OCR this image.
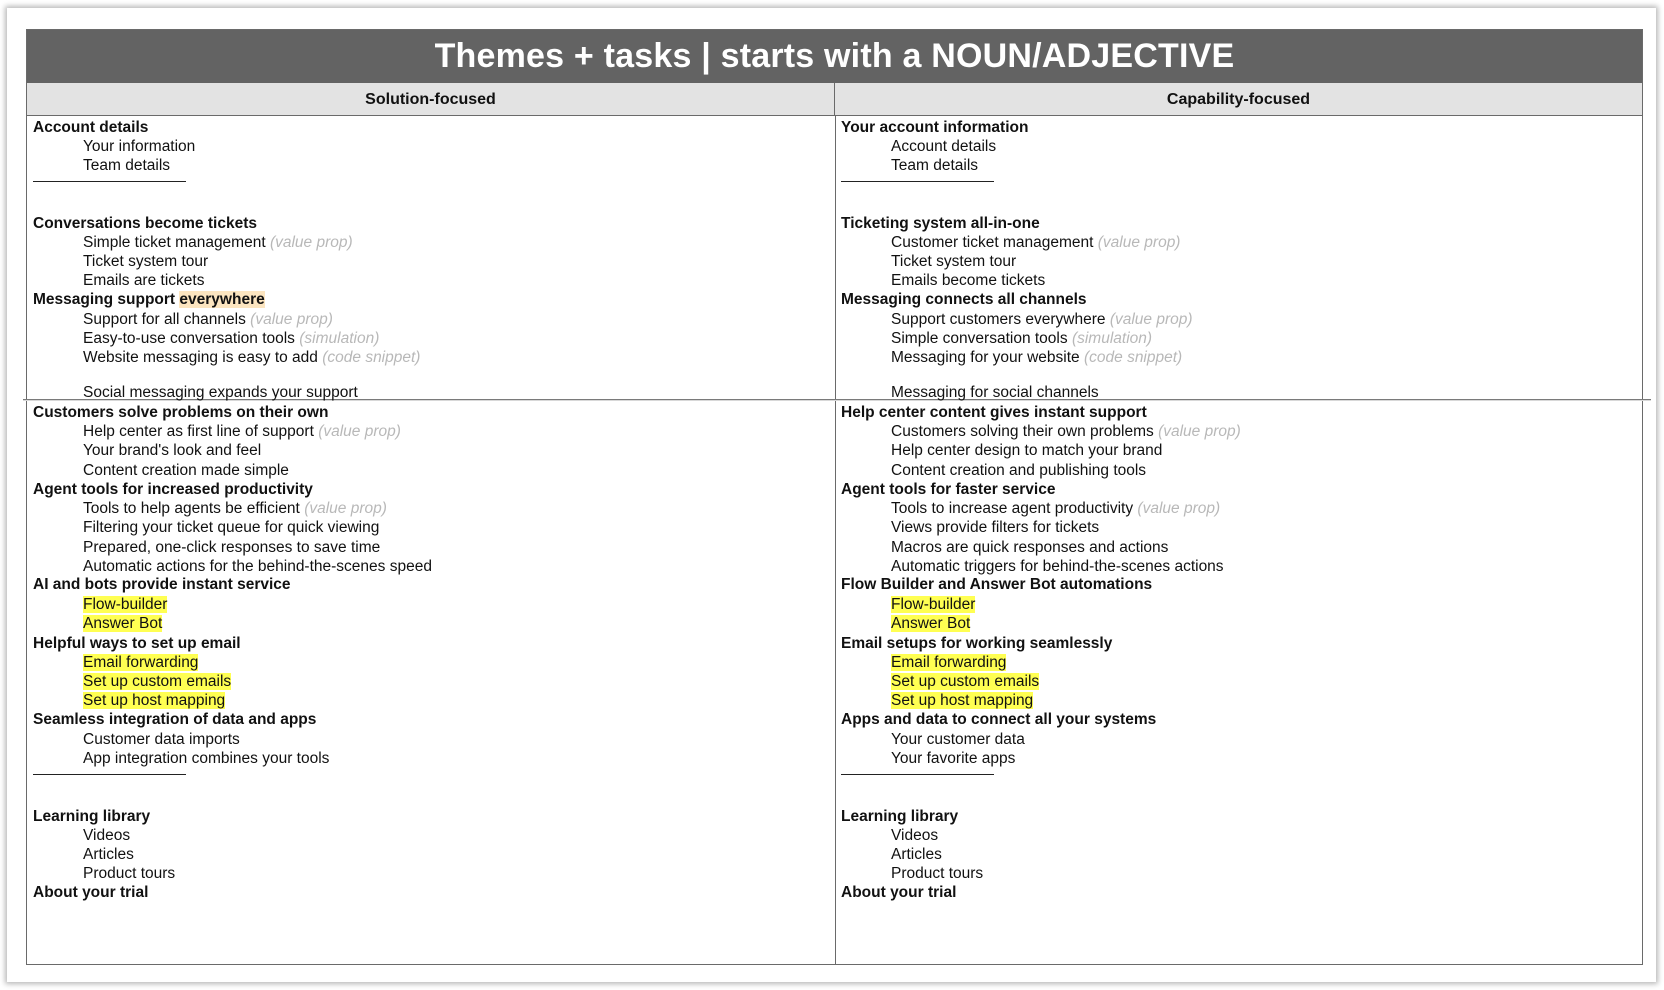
Themes + tasks | starts with a NOUN/ADJECTIVE
Solution-focused	Capability-focused
Account details
Your information
Team details
Conversations become tickets
Simple ticket management (value prop)
Ticket system tour
Emails are tickets
Messaging support everywhere
Support for all channels (value prop)
Easy-to-use conversation tools (simulation)
Website messaging is easy to add (code snippet)
Social messaging expands your support
Customers solve problems on their own
Help center as first line of support (value prop)
Your brand's look and feel
Content creation made simple
Agent tools for increased productivity
Tools to help agents be efficient (value prop)
Filtering your ticket queue for quick viewing
Prepared, one-click responses to save time
Automatic actions for the behind-the-scenes speed
AI and bots provide instant service
Flow-builder
Answer Bot
Helpful ways to set up email
Email forwarding
Set up custom emails
Set up host mapping
Seamless integration of data and apps
Customer data imports
App integration combines your tools
Learning library
Videos
Articles
Product tours
About your trial
Your account information
Account details
Team details
Ticketing system all-in-one
Customer ticket management (value prop)
Ticket system tour
Emails become tickets
Messaging connects all channels
Support customers everywhere (value prop)
Simple conversation tools (simulation)
Messaging for your website (code snippet)
Messaging for social channels
Help center content gives instant support
Customers solving their own problems (value prop)
Help center design to match your brand
Content creation and publishing tools
Agent tools for faster service
Tools to increase agent productivity (value prop)
Views provide filters for tickets
Macros are quick responses and actions
Automatic triggers for behind-the-scenes actions
Flow Builder and Answer Bot automations
Flow-builder
Answer Bot
Email setups for working seamlessly
Email forwarding
Set up custom emails
Set up host mapping
Apps and data to connect all your systems
Your customer data
Your favorite apps
Learning library
Videos
Articles
Product tours
About your trial
